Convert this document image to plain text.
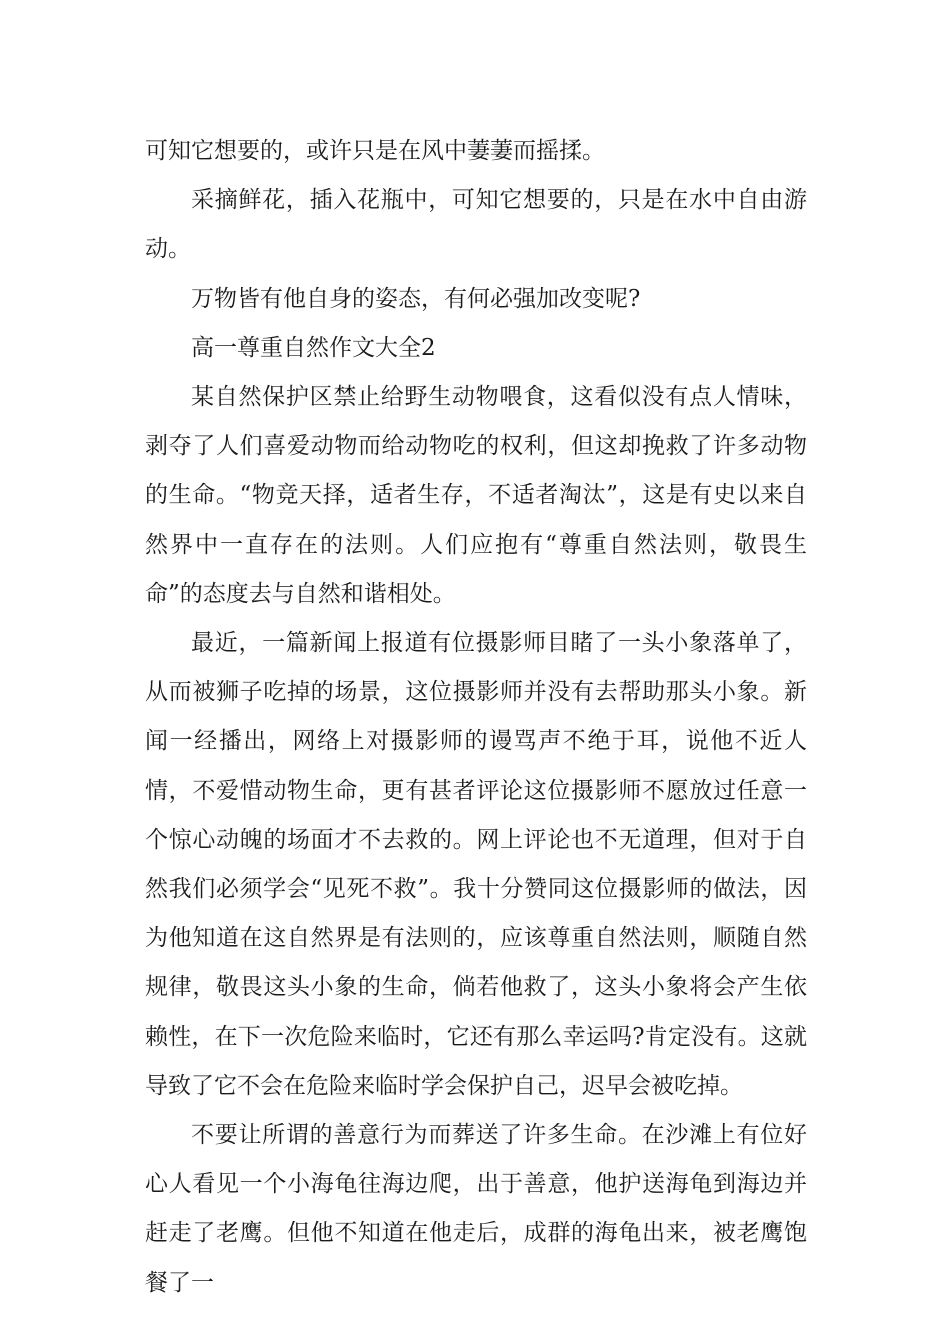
可知它想要的，或许只是在风中萋萋而摇揉。

采摘鲜花，插入花瓶中，可知它想要的，只是在水中自由游动。

万物皆有他自身的姿态，有何必强加改变呢?

高一尊重自然作文大全2

某自然保护区禁止给野生动物喂食，这看似没有点人情味，剥夺了人们喜爱动物而给动物吃的权利，但这却挽救了许多动物的生命。“物竞天择，适者生存，不适者淘汰”，这是有史以来自然界中一直存在的法则。人们应抱有“尊重自然法则，敬畏生命”的态度去与自然和谐相处。

最近，一篇新闻上报道有位摄影师目睹了一头小象落单了，从而被狮子吃掉的场景，这位摄影师并没有去帮助那头小象。新闻一经播出，网络上对摄影师的谩骂声不绝于耳，说他不近人情，不爱惜动物生命，更有甚者评论这位摄影师不愿放过任意一个惊心动魄的场面才不去救的。网上评论也不无道理，但对于自然我们必须学会“见死不救”。我十分赞同这位摄影师的做法，因为他知道在这自然界是有法则的，应该尊重自然法则，顺随自然规律，敬畏这头小象的生命，倘若他救了，这头小象将会产生依赖性，在下一次危险来临时，它还有那么幸运吗?肯定没有。这就导致了它不会在危险来临时学会保护自己，迟早会被吃掉。

不要让所谓的善意行为而葬送了许多生命。在沙滩上有位好心人看见一个小海龟往海边爬，出于善意，他护送海龟到海边并赶走了老鹰。但他不知道在他走后，成群的海龟出来，被老鹰饱餐了一
